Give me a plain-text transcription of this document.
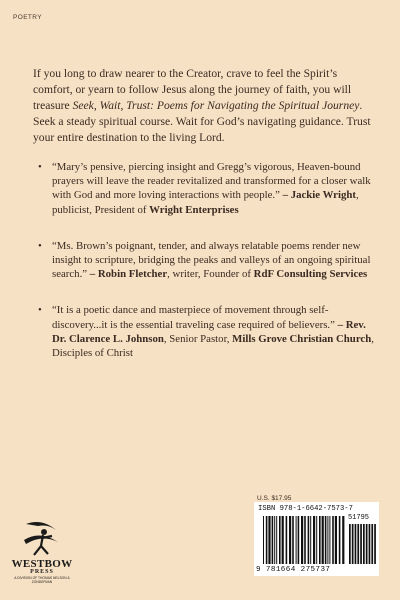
POETRY

If you long to draw nearer to the Creator, crave to feel the Spirit’s comfort, or yearn to follow Jesus along the journey of faith, you will treasure Seek, Wait, Trust: Poems for Navigating the Spiritual Journey. Seek a steady spiritual course. Wait for God’s navigating guidance. Trust your entire destination to the living Lord.

• “Mary’s pensive, piercing insight and Gregg’s vigorous, Heaven-bound prayers will leave the reader revitalized and transformed for a closer walk with God and more loving interactions with people.” – Jackie Wright, publicist, President of Wright Enterprises
• “Ms. Brown’s poignant, tender, and always relatable poems render new insight to scripture, bridging the peaks and valleys of an ongoing spiritual search.” – Robin Fletcher, writer, Founder of RdF Consulting Services
• “It is a poetic dance and masterpiece of movement through self-discovery...it is the essential traveling case required of believers.” – Rev. Dr. Clarence L. Johnson, Senior Pastor, Mills Grove Christian Church, Disciples of Christ
WESTBOW
PRESS
A DIVISION OF THOMAS NELSON & ZONDERVAN
U.S. $17.95
ISBN 978-1-6642-7573-7
51795
9 781664 275737
